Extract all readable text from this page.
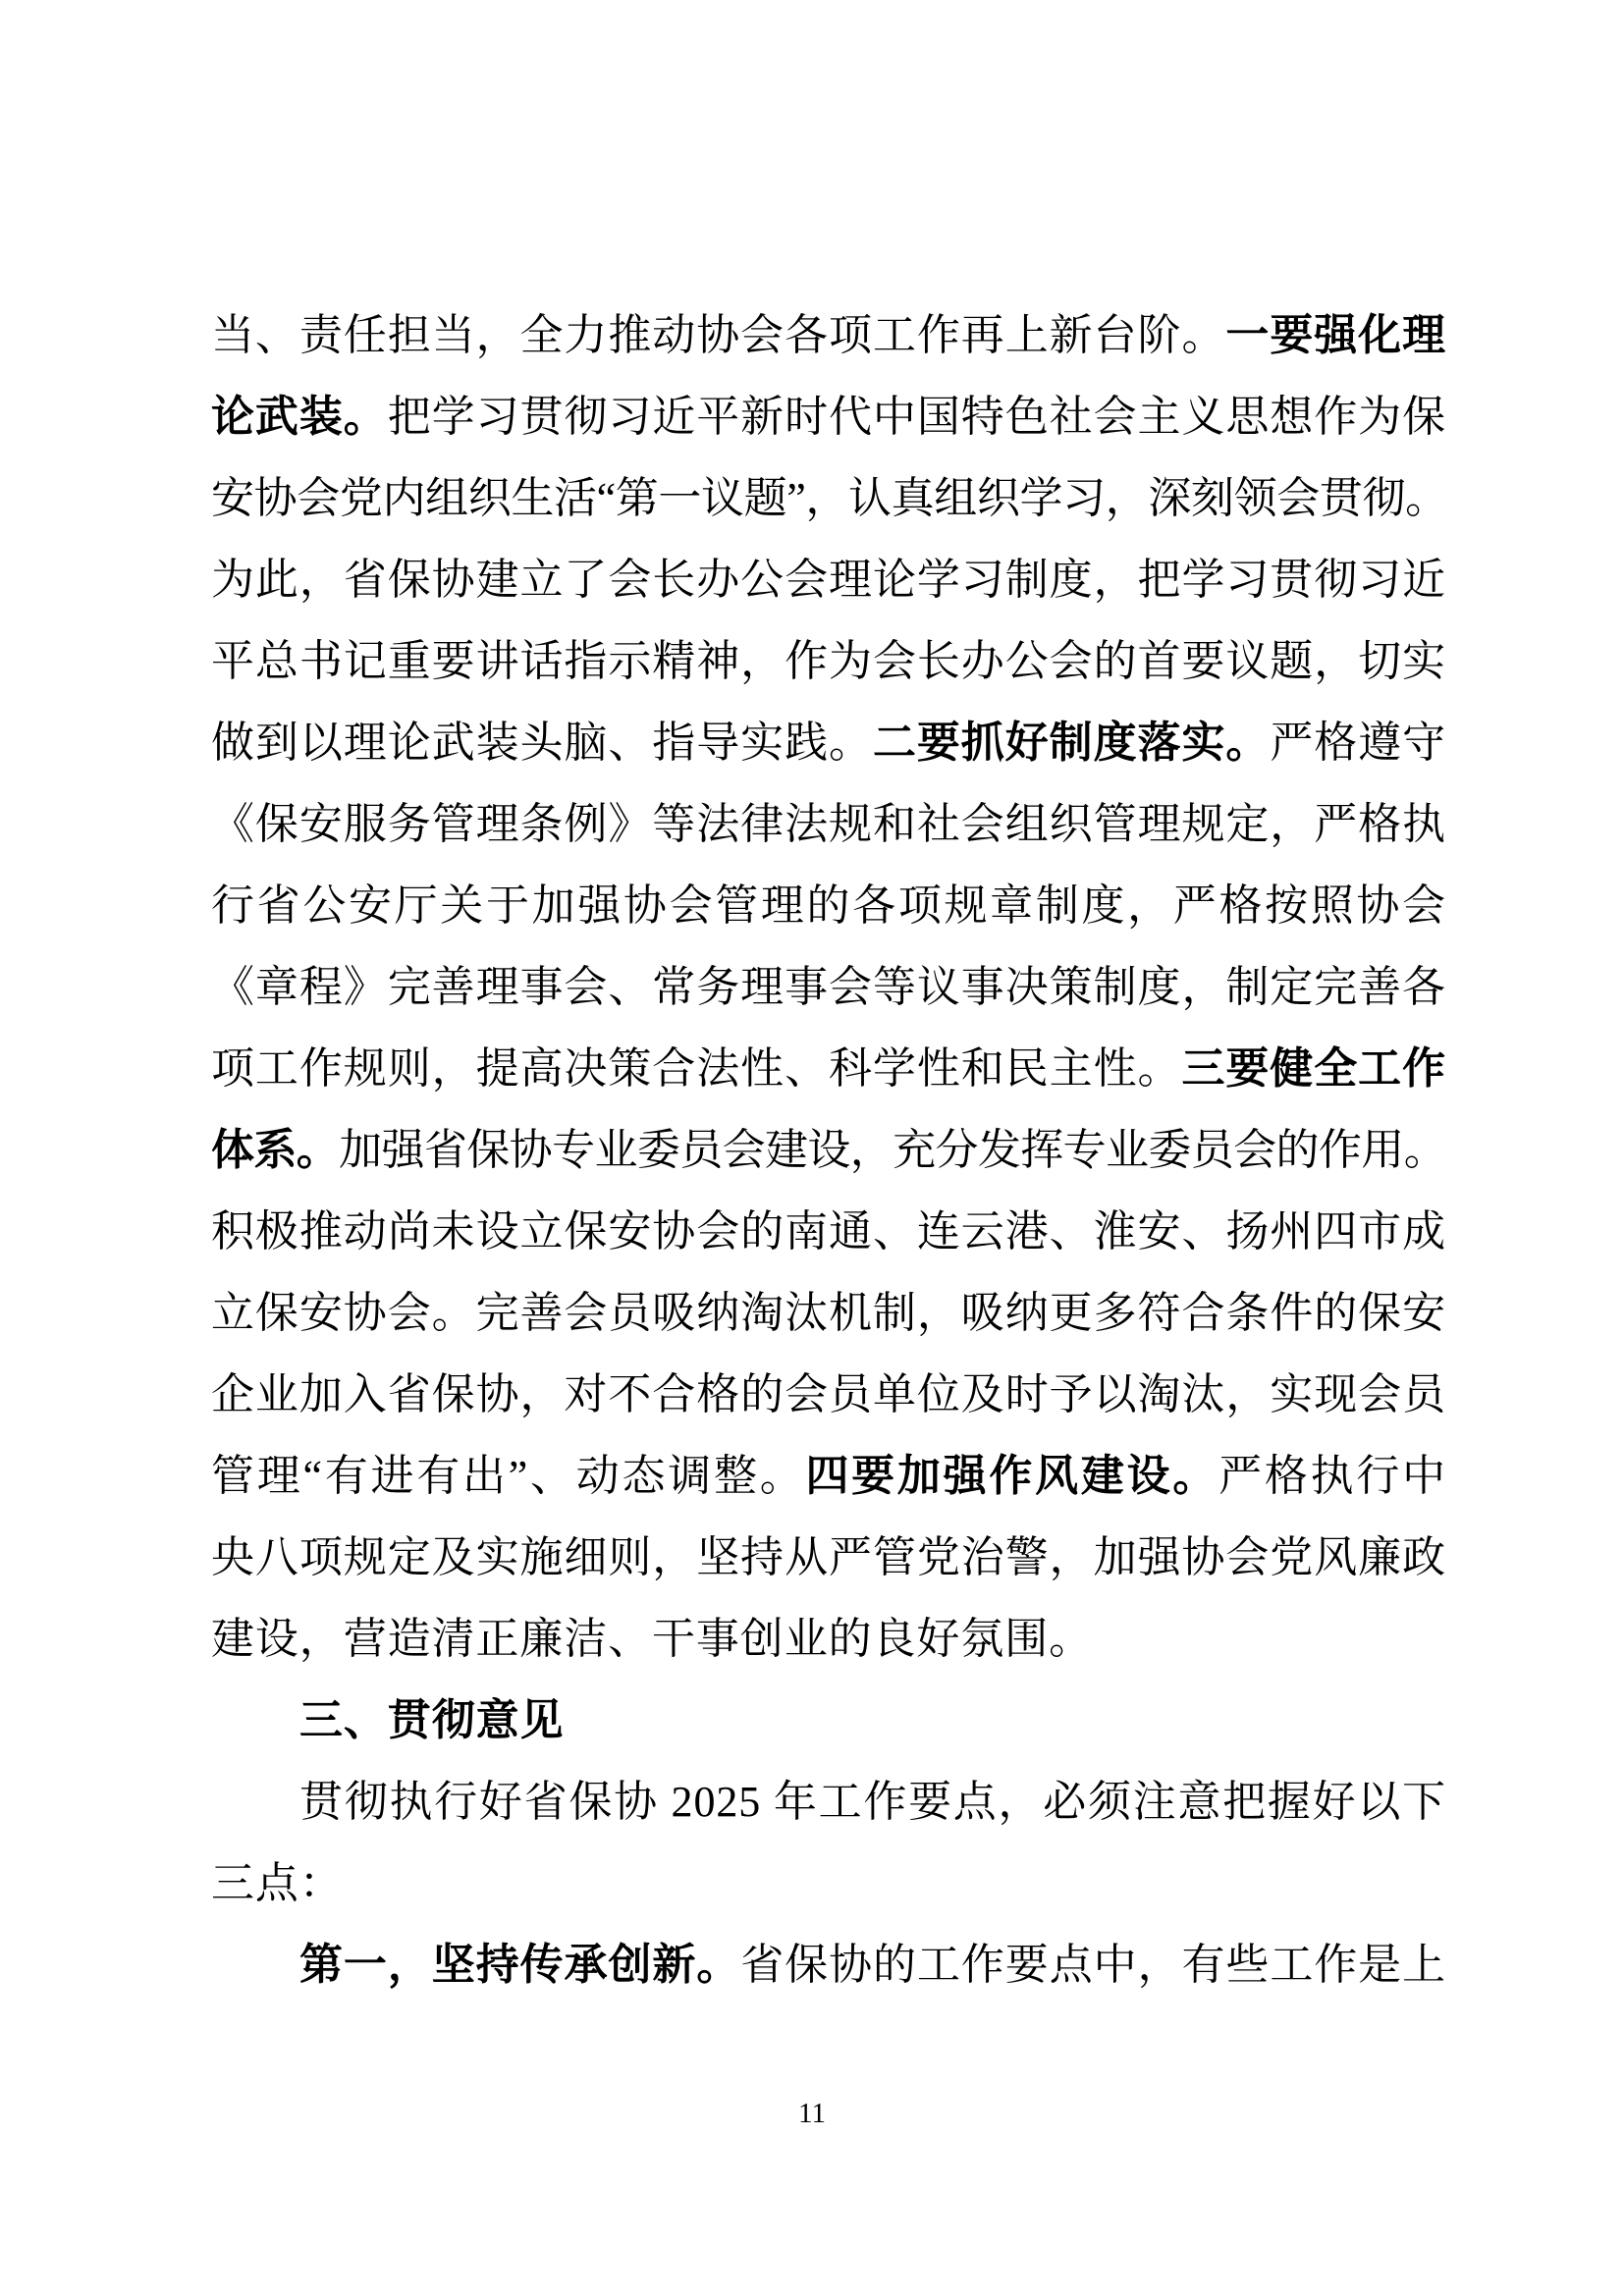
当、责任担当，全力推动协会各项工作再上新台阶。一要强化理

论武装。把学习贯彻习近平新时代中国特色社会主义思想作为保

安协会党内组织生活“第一议题”，认真组织学习，深刻领会贯彻。

为此，省保协建立了会长办公会理论学习制度，把学习贯彻习近

平总书记重要讲话指示精神，作为会长办公会的首要议题，切实

做到以理论武装头脑、指导实践。二要抓好制度落实。严格遵守

《保安服务管理条例》等法律法规和社会组织管理规定，严格执

行省公安厅关于加强协会管理的各项规章制度，严格按照协会

《章程》完善理事会、常务理事会等议事决策制度，制定完善各

项工作规则，提高决策合法性、科学性和民主性。三要健全工作

体系。加强省保协专业委员会建设，充分发挥专业委员会的作用。

积极推动尚未设立保安协会的南通、连云港、淮安、扬州四市成

立保安协会。完善会员吸纳淘汰机制，吸纳更多符合条件的保安

企业加入省保协，对不合格的会员单位及时予以淘汰，实现会员

管理“有进有出”、动态调整。四要加强作风建设。严格执行中

央八项规定及实施细则，坚持从严管党治警，加强协会党风廉政

建设，营造清正廉洁、干事创业的良好氛围。

三、贯彻意见

贯彻执行好省保协 2025 年工作要点，必须注意把握好以下

三点：

第一，坚持传承创新。省保协的工作要点中，有些工作是上

11
